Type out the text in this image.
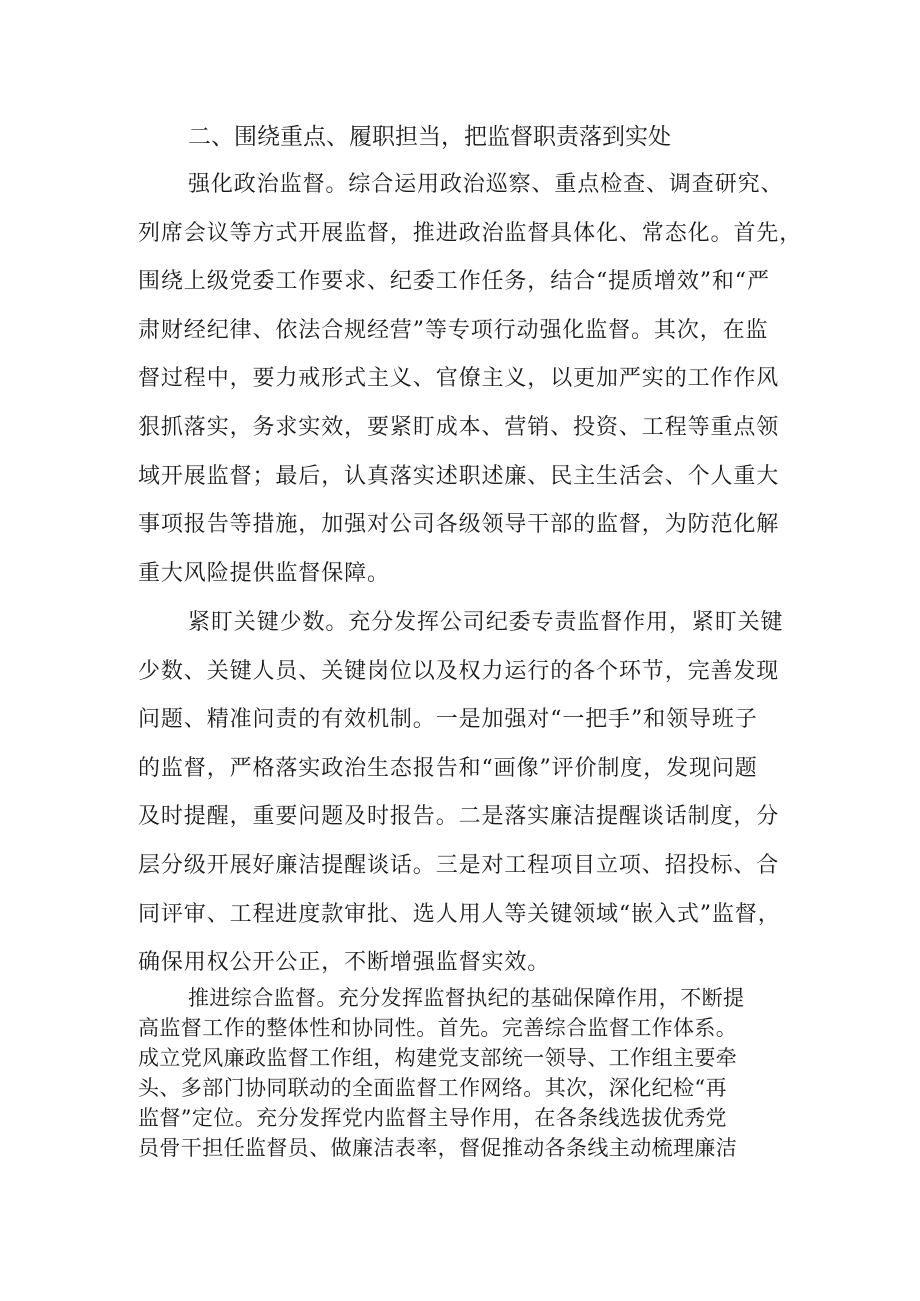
二、围绕重点、履职担当，把监督职责落到实处

强化政治监督。综合运用政治巡察、重点检查、调查研究、
列席会议等方式开展监督，推进政治监督具体化、常态化。首先，
围绕上级党委工作要求、纪委工作任务，结合“提质增效”和“严
肃财经纪律、依法合规经营”等专项行动强化监督。其次，在监
督过程中，要力戒形式主义、官僚主义，以更加严实的工作作风
狠抓落实，务求实效，要紧盯成本、营销、投资、工程等重点领
域开展监督；最后，认真落实述职述廉、民主生活会、个人重大
事项报告等措施，加强对公司各级领导干部的监督，为防范化解
重大风险提供监督保障。

紧盯关键少数。充分发挥公司纪委专责监督作用，紧盯关键
少数、关键人员、关键岗位以及权力运行的各个环节，完善发现
问题、精准问责的有效机制。一是加强对“一把手”和领导班子
的监督，严格落实政治生态报告和“画像”评价制度，发现问题
及时提醒，重要问题及时报告。二是落实廉洁提醒谈话制度，分
层分级开展好廉洁提醒谈话。三是对工程项目立项、招投标、合
同评审、工程进度款审批、选人用人等关键领域“嵌入式”监督，
确保用权公开公正，不断增强监督实效。

推进综合监督。充分发挥监督执纪的基础保障作用，不断提
高监督工作的整体性和协同性。首先。完善综合监督工作体系。
成立党风廉政监督工作组，构建党支部统一领导、工作组主要牵
头、多部门协同联动的全面监督工作网络。其次，深化纪检“再
监督”定位。充分发挥党内监督主导作用，在各条线选拔优秀党
员骨干担任监督员、做廉洁表率，督促推动各条线主动梳理廉洁
